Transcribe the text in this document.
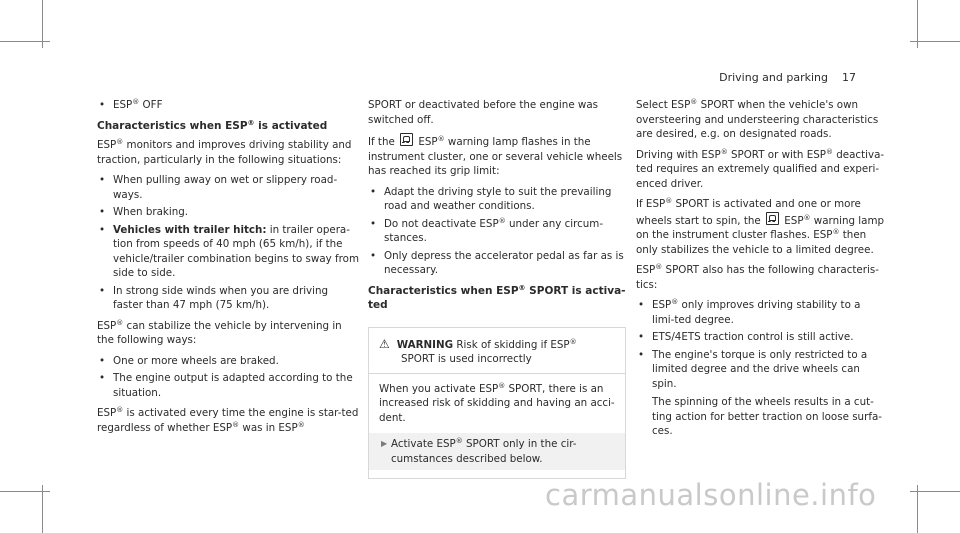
Driving and parking 17
• ESP® OFF
Characteristics when ESP® is activated

ESP® monitors and improves driving stability and traction, particularly in the following situations:

• When pulling away on wet or slippery road-ways.
• When braking.
• Vehicles with trailer hitch: in trailer opera-tion from speeds of 40 mph (65 km/h), if the vehicle/trailer combination begins to sway from side to side.
• In strong side winds when you are driving faster than 47 mph (75 km/h).

ESP® can stabilize the vehicle by intervening in the following ways:

• One or more wheels are braked.
• The engine output is adapted according to the situation.

ESP® is activated every time the engine is star-ted regardless of whether ESP® was in ESP®

SPORT or deactivated before the engine was switched off.

If the  ESP® warning lamp flashes in the instrument cluster, one or several vehicle wheels has reached its grip limit:

• Adapt the driving style to suit the prevailing road and weather conditions.
• Do not deactivate ESP® under any circum-stances.
• Only depress the accelerator pedal as far as is necessary.
Characteristics when ESP® SPORT is activa-ted
⚠ WARNING Risk of skidding if ESP®
SPORT is used incorrectly

When you activate ESP® SPORT, there is an increased risk of skidding and having an acci-dent.

▶ Activate ESP® SPORT only in the cir-cumstances described below.

Select ESP® SPORT when the vehicle's own oversteering and understeering characteristics are desired, e.g. on designated roads.

Driving with ESP® SPORT or with ESP® deactiva-ted requires an extremely qualified and experi-enced driver.

If ESP® SPORT is activated and one or more wheels start to spin, the  ESP® warning lamp on the instrument cluster flashes. ESP® then only stabilizes the vehicle to a limited degree.

ESP® SPORT also has the following characteris-tics:

• ESP® only improves driving stability to a limi-ted degree.
• ETS/4ETS traction control is still active.
• The engine's torque is only restricted to a limited degree and the drive wheels can spin.

The spinning of the wheels results in a cut-ting action for better traction on loose surfa-ces.

carmanualsonline.info
